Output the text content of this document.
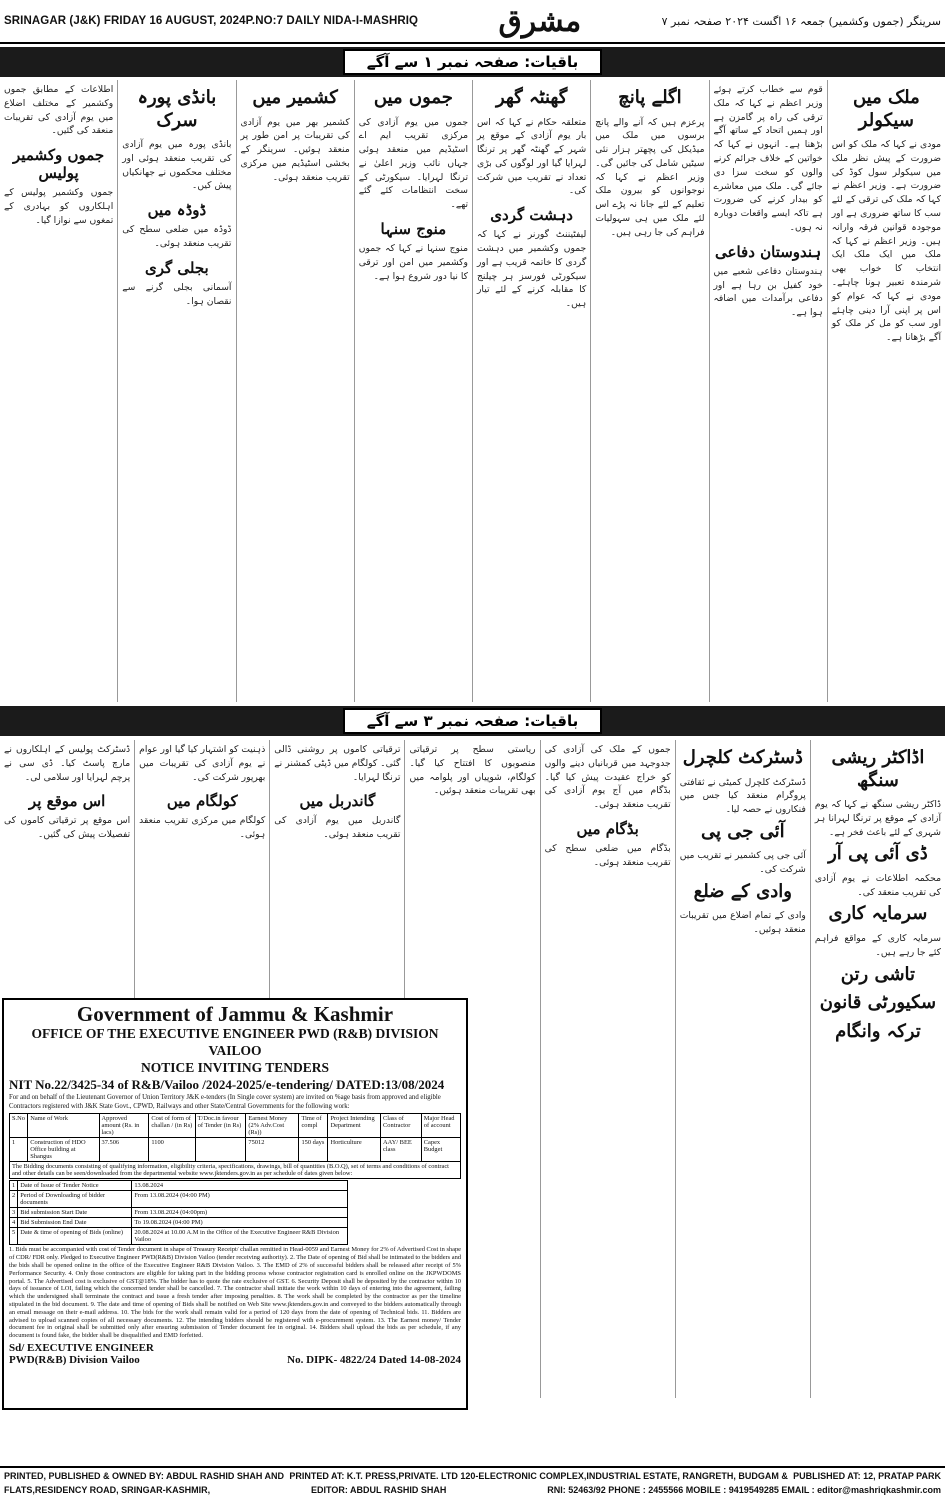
SRINAGAR (J&K) FRIDAY 16 AUGUST, 2024P.NO:7 DAILY NIDA-I-MASHRIQ	مشرق	سرینگر (جموں وکشمیر) جمعہ ۱۶ اگست ۲۰۲۴ صفحہ نمبر ۷
باقیات: صفحہ نمبر ۱ سے آگے
ملک میں سیکولر
مودی نے کہا کہ ملک کو اس ضرورت کے پیش نظر ملک میں سیکولر سول کوڈ کی ضرورت ہے۔ وزیر اعظم نے کہا کہ ملک کی ترقی کے لئے سب کا ساتھ ضروری ہے اور موجودہ قوانین فرقہ وارانہ ہیں۔ وزیر اعظم نے کہا کہ ملک میں ایک ملک ایک انتخاب کا خواب بھی شرمندہ تعبیر ہونا چاہئے۔ مودی نے کہا کہ عوام کو اس پر اپنی آرا دینی چاہئے اور سب کو مل کر ملک کو آگے بڑھانا ہے۔
قوم سے خطاب کرتے ہوئے وزیر اعظم نے کہا کہ ملک ترقی کی راہ پر گامزن ہے اور ہمیں اتحاد کے ساتھ آگے بڑھنا ہے۔ انہوں نے کہا کہ خواتین کے خلاف جرائم کرنے والوں کو سخت سزا دی جائے گی۔ ملک میں معاشرے کو بیدار کرنے کی ضرورت ہے تاکہ ایسے واقعات دوبارہ نہ ہوں۔
ہندوستان دفاعی
ہندوستان دفاعی شعبے میں خود کفیل بن رہا ہے اور دفاعی برآمدات میں اضافہ ہوا ہے۔
اگلے پانچ
پرعزم ہیں کہ آنے والے پانچ برسوں میں ملک میں میڈیکل کی پچھتر ہزار نئی سیٹیں شامل کی جائیں گی۔ وزیر اعظم نے کہا کہ نوجوانوں کو بیرون ملک تعلیم کے لئے جانا نہ پڑے اس لئے ملک میں ہی سہولیات فراہم کی جا رہی ہیں۔
گھنٹہ گھر
متعلقہ حکام نے کہا کہ اس بار یوم آزادی کے موقع پر شہر کے گھنٹہ گھر پر ترنگا لہرایا گیا اور لوگوں کی بڑی تعداد نے تقریب میں شرکت کی۔
دہشت گردی
لیفٹیننٹ گورنر نے کہا کہ جموں وکشمیر میں دہشت گردی کا خاتمہ قریب ہے اور سیکورٹی فورسز ہر چیلنج کا مقابلہ کرنے کے لئے تیار ہیں۔
جموں میں
جموں میں یوم آزادی کی مرکزی تقریب ایم اے اسٹیڈیم میں منعقد ہوئی جہاں نائب وزیر اعلیٰ نے ترنگا لہرایا۔ سیکورٹی کے سخت انتظامات کئے گئے تھے۔
منوج سنہا
منوج سنہا نے کہا کہ جموں وکشمیر میں امن اور ترقی کا نیا دور شروع ہوا ہے۔
کشمیر میں
کشمیر بھر میں یوم آزادی کی تقریبات پر امن طور پر منعقد ہوئیں۔ سرینگر کے بخشی اسٹیڈیم میں مرکزی تقریب منعقد ہوئی۔
بانڈی پورہ سرک
بانڈی پورہ میں یوم آزادی کی تقریب منعقد ہوئی اور مختلف محکموں نے جھانکیاں پیش کیں۔
ڈوڈہ میں
ڈوڈہ میں ضلعی سطح کی تقریب منعقد ہوئی۔
بجلی گری
آسمانی بجلی گرنے سے نقصان ہوا۔
اطلاعات کے مطابق جموں وکشمیر کے مختلف اضلاع میں یوم آزادی کی تقریبات منعقد کی گئیں۔
جموں وکشمیر پولیس
جموں وکشمیر پولیس کے اہلکاروں کو بہادری کے تمغوں سے نوازا گیا۔
باقیات: صفحہ نمبر ۳ سے آگے
اڈاکٹر ریشی سنگھ
ڈاکٹر ریشی سنگھ نے کہا کہ یوم آزادی کے موقع پر ترنگا لہرانا ہر شہری کے لئے باعث فخر ہے۔
ڈی آئی پی آر
محکمہ اطلاعات نے یوم آزادی کی تقریب منعقد کی۔
سرمایہ کاری
سرمایہ کاری کے مواقع فراہم کئے جا رہے ہیں۔
تاشی رتن
سکیورٹی قانون
ترکہ وانگام
ڈسٹرکٹ کلچرل
ڈسٹرکٹ کلچرل کمیٹی نے ثقافتی پروگرام منعقد کیا جس میں فنکاروں نے حصہ لیا۔
آئی جی پی
آئی جی پی کشمیر نے تقریب میں شرکت کی۔
وادی کے ضلع
وادی کے تمام اضلاع میں تقریبات منعقد ہوئیں۔
جموں کے ملک کی آزادی کی جدوجہد میں قربانیاں دینے والوں کو خراج عقیدت پیش کیا گیا۔ بڈگام میں آج یوم آزادی کی تقریب منعقد ہوئی۔
بڈگام میں
بڈگام میں ضلعی سطح کی تقریب منعقد ہوئی۔
ریاستی سطح پر ترقیاتی منصوبوں کا افتتاح کیا گیا۔ کولگام، شوپیاں اور پلوامہ میں بھی تقریبات منعقد ہوئیں۔
ترقیاتی کاموں پر روشنی ڈالی گئی۔ کولگام میں ڈپٹی کمشنر نے ترنگا لہرایا۔
گاندربل میں
گاندربل میں یوم آزادی کی تقریب منعقد ہوئی۔
ذہنیت کو اشتہار کیا گیا اور عوام نے یوم آزادی کی تقریبات میں بھرپور شرکت کی۔
کولگام میں
کولگام میں مرکزی تقریب منعقد ہوئی۔
ڈسٹرکٹ پولیس کے اہلکاروں نے مارچ پاسٹ کیا۔ ڈی سی نے پرچم لہرایا اور سلامی لی۔
اس موقع پر
اس موقع پر ترقیاتی کاموں کی تفصیلات پیش کی گئیں۔
Government of Jammu & Kashmir
OFFICE OF THE EXECUTIVE ENGINEER PWD (R&B) DIVISION VAILOO
NOTICE INVITING TENDERS
NIT No.22/3425-34 of R&B/Vailoo /2024-2025/e-tendering/ DATED:13/08/2024
For and on behalf of the Lieutenant Governor of Union Territory J&K e-tenders (In Single cover system) are invited on %age basis from approved and eligible Contractors registered with J&K State Govt., CPWD, Railways and other State/Central Governments for the following work:
S.No	Name of Work	Approved amount (Rs. in lacs)	Cost of form of challan / (in Rs)	T/Doc.in favour of Tender (in Rs)	Earnest Money (2% Adv.Cost (Rs))	Time of compl	Project Intending Department	Class of Contractor	Major Head of account
1	Construction of HDO Office building at Shangus	37.506	1100		75012	150 days	Horticulture	AAY/ BEE class	Capex Budget
The Bidding documents consisting of qualifying information, eligibility criteria, specifications, drawings, bill of quantities (B.O.Q), set of terms and conditions of contract and other details can be seen/downloaded from the departmental website www.jktenders.gov.in as per schedule of dates given below:									
1	Date of Issue of Tender Notice	13.08.2024
2	Period of Downloading of bidder documents	From 13.08.2024 (04:00 PM)
3	Bid submission Start Date	From 13.08.2024 (04:00pm)
4	Bid Submission End Date	To 19.08.2024 (04:00 PM)
5	Date & time of opening of Bids (online)	20.08.2024 at 10.00 A.M in the Office of the Executive Engineer R&B Division Vailoo
1. Bids must be accompanied with cost of Tender document in shape of Treasury Receipt/ challan remitted in Head-0059 and Earnest Money for 2% of Advertised Cost in shape of CDR/ FDR only. Pledged to Executive Engineer PWD(R&B) Division Vailoo (tender receiving authority). 2. The Date of opening of Bid shall be intimated to the bidders and the bids shall be opened online in the office of the Executive Engineer R&B Division Vailoo. 3. The EMD of 2% of successful bidders shall be released after receipt of 5% Performance Security. 4. Only those contractors are eligible for taking part in the bidding process whose contractor registration card is enrolled online on the JKPWDOMS portal. 5. The Advertised cost is exclusive of GST@18%. The bidder has to quote the rate exclusive of GST. 6. Security Deposit shall be deposited by the contractor within 10 days of issuance of LOI, failing which the concerned tender shall be cancelled. 7. The contractor shall initiate the work within 10 days of entering into the agreement, failing which the undersigned shall terminate the contract and issue a fresh tender after imposing penalties. 8. The work shall be completed by the contractor as per the timeline stipulated in the bid document. 9. The date and time of opening of Bids shall be notified on Web Site www.jktenders.gov.in and conveyed to the bidders automatically through an email message on their e-mail address. 10. The bids for the work shall remain valid for a period of 120 days from the date of opening of Technical bids. 11. Bidders are advised to upload scanned copies of all necessary documents. 12. The intending bidders should be registered with e-procurement system. 13. The Earnest money/ Tender document fee in original shall be submitted only after ensuring submission of Tender document fee in original. 14. Bidders shall upload the bids as per schedule, if any document is found fake, the bidder shall be disqualified and EMD forfeited.
Sd/ EXECUTIVE ENGINEER
PWD(R&B) Division Vailoo	No. DIPK- 4822/24 Dated 14-08-2024
PRINTED, PUBLISHED & OWNED BY: ABDUL RASHID SHAH AND PRINTED AT: K.T. PRESS,PRIVATE. LTD 120-ELECTRONIC COMPLEX,INDUSTRIAL ESTATE, RANGRETH, BUDGAM & PUBLISHED AT: 12, PRATAP PARK
FLATS,RESIDENCY ROAD, SRINGAR-KASHMIR,	EDITOR: ABDUL RASHID SHAH	RNI: 52463/92 PHONE : 2455566 MOBILE : 9419549285 EMAIL : editor@mashriqkashmir.com
